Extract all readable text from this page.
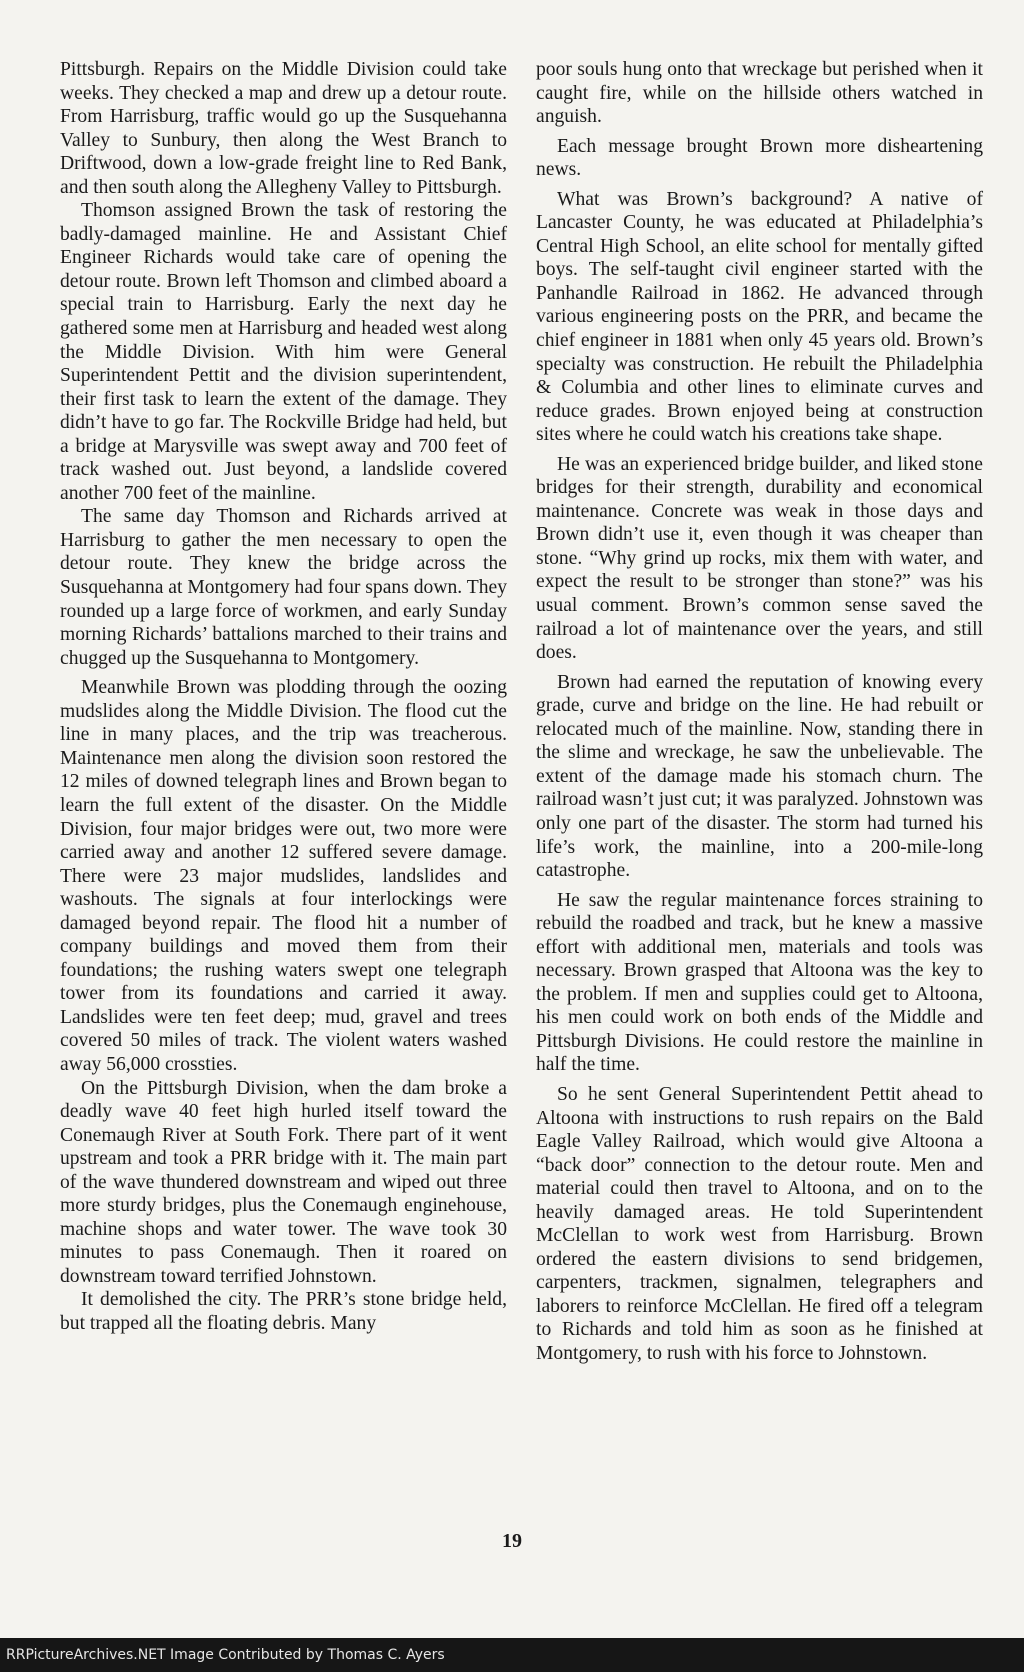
Pittsburgh. Repairs on the Middle Division could take weeks. They checked a map and drew up a detour route. From Harrisburg, traffic would go up the Susquehanna Valley to Sunbury, then along the West Branch to Driftwood, down a low-grade freight line to Red Bank, and then south along the Allegheny Valley to Pittsburgh.

Thomson assigned Brown the task of restoring the badly-damaged mainline. He and Assistant Chief Engineer Richards would take care of opening the detour route. Brown left Thomson and climbed aboard a special train to Harrisburg. Early the next day he gathered some men at Harrisburg and headed west along the Middle Division. With him were General Superintendent Pettit and the division superintendent, their first task to learn the extent of the damage. They didn’t have to go far. The Rockville Bridge had held, but a bridge at Marysville was swept away and 700 feet of track washed out. Just beyond, a landslide covered another 700 feet of the mainline.

The same day Thomson and Richards arrived at Harrisburg to gather the men necessary to open the detour route. They knew the bridge across the Susquehanna at Montgomery had four spans down. They rounded up a large force of workmen, and early Sunday morning Richards’ battalions marched to their trains and chugged up the Susquehanna to Montgomery.

Meanwhile Brown was plodding through the oozing mudslides along the Middle Division. The flood cut the line in many places, and the trip was treacherous. Maintenance men along the division soon restored the 12 miles of downed telegraph lines and Brown began to learn the full extent of the disaster. On the Middle Division, four major bridges were out, two more were carried away and another 12 suffered severe damage. There were 23 major mudslides, landslides and washouts. The signals at four interlockings were damaged beyond repair. The flood hit a number of company buildings and moved them from their foundations; the rushing waters swept one telegraph tower from its foundations and carried it away. Landslides were ten feet deep; mud, gravel and trees covered 50 miles of track. The violent waters washed away 56,000 crossties.

On the Pittsburgh Division, when the dam broke a deadly wave 40 feet high hurled itself toward the Conemaugh River at South Fork. There part of it went upstream and took a PRR bridge with it. The main part of the wave thundered downstream and wiped out three more sturdy bridges, plus the Conemaugh enginehouse, machine shops and water tower. The wave took 30 minutes to pass Conemaugh. Then it roared on downstream toward terrified Johnstown.

It demolished the city. The PRR’s stone bridge held, but trapped all the floating debris. Many

poor souls hung onto that wreckage but perished when it caught fire, while on the hillside others watched in anguish.

Each message brought Brown more disheartening news.

What was Brown’s background? A native of Lancaster County, he was educated at Philadelphia’s Central High School, an elite school for mentally gifted boys. The self-taught civil engineer started with the Panhandle Railroad in 1862. He advanced through various engineering posts on the PRR, and became the chief engineer in 1881 when only 45 years old. Brown’s specialty was construction. He rebuilt the Philadelphia & Columbia and other lines to eliminate curves and reduce grades. Brown enjoyed being at construction sites where he could watch his creations take shape.

He was an experienced bridge builder, and liked stone bridges for their strength, durability and economical maintenance. Concrete was weak in those days and Brown didn’t use it, even though it was cheaper than stone. “Why grind up rocks, mix them with water, and expect the result to be stronger than stone?” was his usual comment. Brown’s common sense saved the railroad a lot of maintenance over the years, and still does.

Brown had earned the reputation of knowing every grade, curve and bridge on the line. He had rebuilt or relocated much of the mainline. Now, standing there in the slime and wreckage, he saw the unbelievable. The extent of the damage made his stomach churn. The railroad wasn’t just cut; it was paralyzed. Johnstown was only one part of the disaster. The storm had turned his life’s work, the mainline, into a 200-mile-long catastrophe.

He saw the regular maintenance forces straining to rebuild the roadbed and track, but he knew a massive effort with additional men, materials and tools was necessary. Brown grasped that Altoona was the key to the problem. If men and supplies could get to Altoona, his men could work on both ends of the Middle and Pittsburgh Divisions. He could restore the mainline in half the time.

So he sent General Superintendent Pettit ahead to Altoona with instructions to rush repairs on the Bald Eagle Valley Railroad, which would give Altoona a “back door” connection to the detour route. Men and material could then travel to Altoona, and on to the heavily damaged areas. He told Superintendent McClellan to work west from Harrisburg. Brown ordered the eastern divisions to send bridgemen, carpenters, trackmen, signalmen, telegraphers and laborers to reinforce McClellan. He fired off a telegram to Richards and told him as soon as he finished at Montgomery, to rush with his force to Johnstown.

19
RRPictureArchives.NET Image Contributed by Thomas C. Ayers
